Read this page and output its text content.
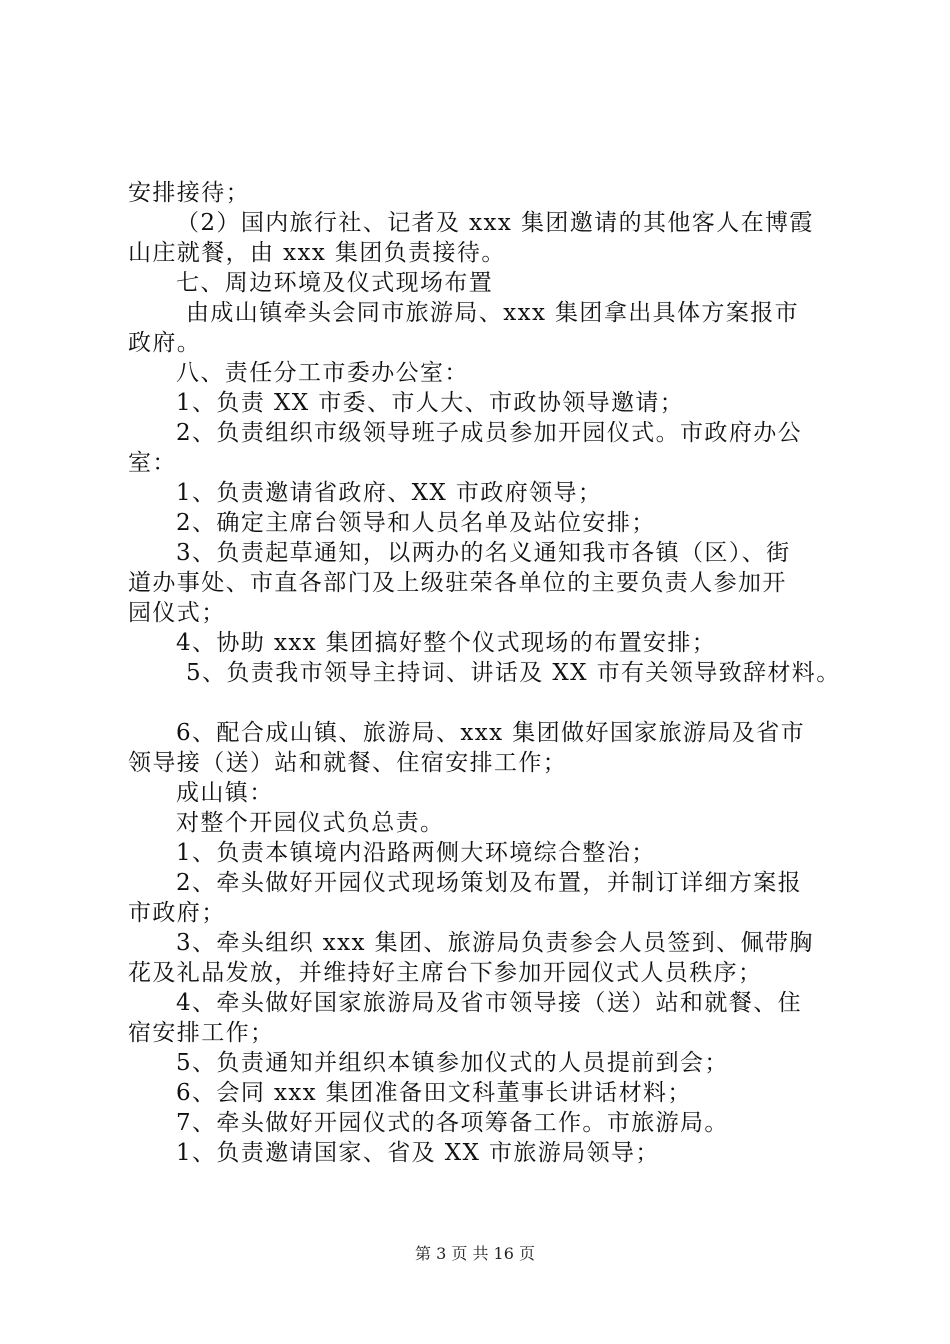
安排接待；
（2）国内旅行社、记者及 xxx 集团邀请的其他客人在博霞
山庄就餐，由 xxx 集团负责接待。
七、周边环境及仪式现场布置
由成山镇牵头会同市旅游局、xxx 集团拿出具体方案报市
政府。
八、责任分工市委办公室：
1、负责 XX 市委、市人大、市政协领导邀请；
2、负责组织市级领导班子成员参加开园仪式。市政府办公
室：
1、负责邀请省政府、XX 市政府领导；
2、确定主席台领导和人员名单及站位安排；
3、负责起草通知，以两办的名义通知我市各镇（区）、街
道办事处、市直各部门及上级驻荣各单位的主要负责人参加开
园仪式；
4、协助 xxx 集团搞好整个仪式现场的布置安排；
5、负责我市领导主持词、讲话及 XX 市有关领导致辞材料。
6、配合成山镇、旅游局、xxx 集团做好国家旅游局及省市
领导接（送）站和就餐、住宿安排工作；
成山镇：
对整个开园仪式负总责。
1、负责本镇境内沿路两侧大环境综合整治；
2、牵头做好开园仪式现场策划及布置，并制订详细方案报
市政府；
3、牵头组织 xxx 集团、旅游局负责参会人员签到、佩带胸
花及礼品发放，并维持好主席台下参加开园仪式人员秩序；
4、牵头做好国家旅游局及省市领导接（送）站和就餐、住
宿安排工作；
5、负责通知并组织本镇参加仪式的人员提前到会；
6、会同 xxx 集团准备田文科董事长讲话材料；
7、牵头做好开园仪式的各项筹备工作。市旅游局。
1、负责邀请国家、省及 XX 市旅游局领导；
第 3 页 共 16 页
